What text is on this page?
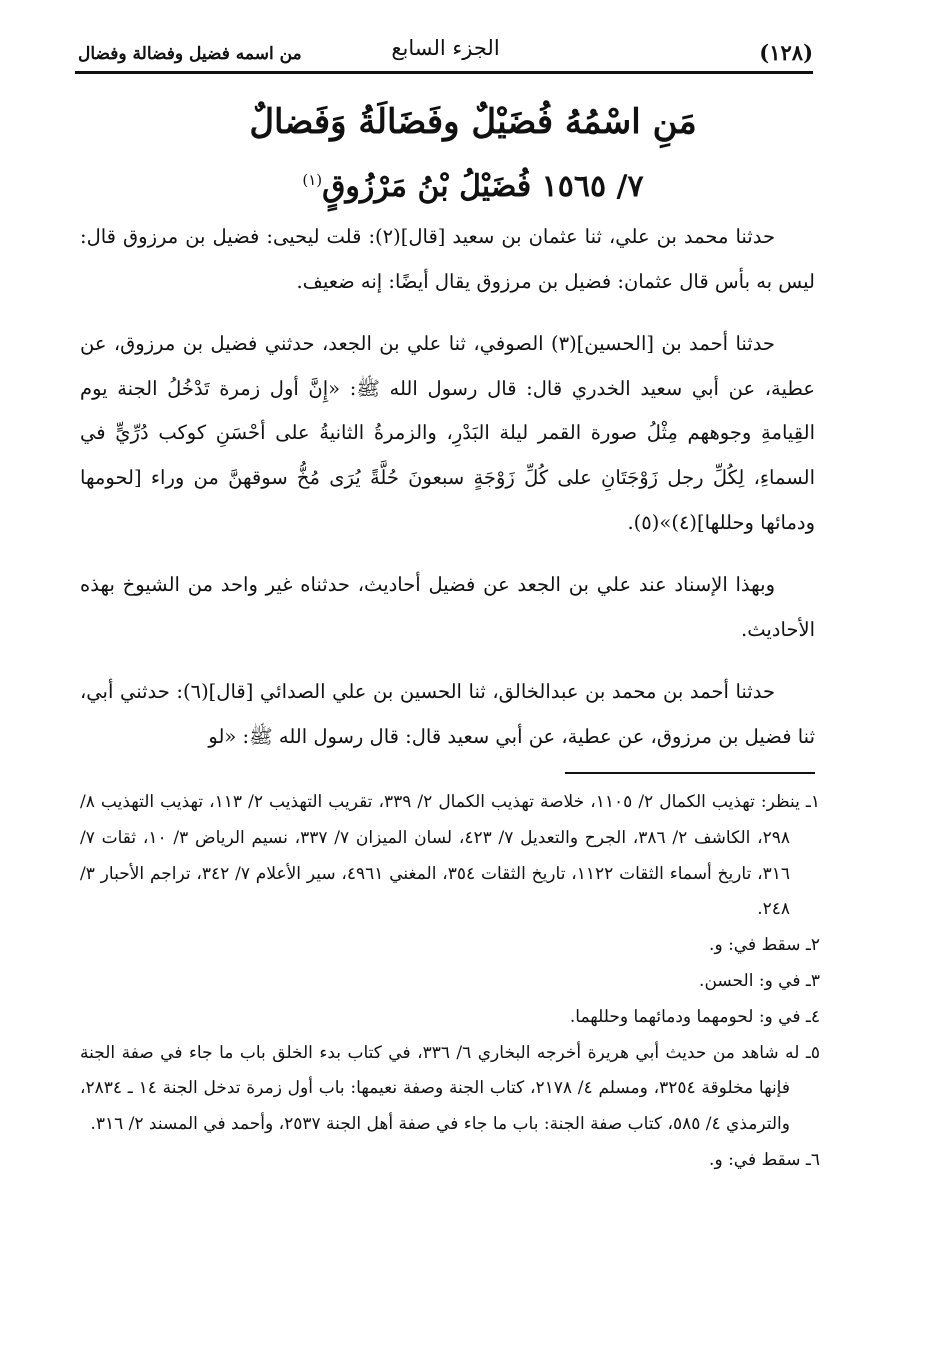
(١٢٨)
الجزء السابع
من اسمه فضيل وفضالة وفضال
مَنِ اسْمُهُ فُضَيْلٌ وفَضَالَةُ وَفَضالٌ
٧/ ١٥٦٥ فُضَيْلُ بْنُ مَرْزُوقٍ$^{(١)}$

حدثنا محمد بن علي، ثنا عثمان بن سعيد [قال](٢): قلت ليحيى: فضيل بن مرزوق قال: ليس به بأس قال عثمان: فضيل بن مرزوق يقال أيضًا: إنه ضعيف.

حدثنا أحمد بن [الحسين](٣) الصوفي، ثنا علي بن الجعد، حدثني فضيل بن مرزوق، عن عطية، عن أبي سعيد الخدري قال: قال رسول الله ﷺ: «إِنَّ أول زمرة تَدْخُلُ الجنة يوم القِيامةِ وجوههم مِثْلُ صورة القمر ليلة البَدْرِ، والزمرةُ الثانيةُ على أحْسَنِ كوكب دُرِّيٍّ في السماءِ، لِكُلِّ رجل زَوْجَتَانِ على كُلِّ زَوْجَةٍ سبعونَ حُلَّةً يُرَى مُخُّ سوقهنَّ من وراء [لحومها ودمائها وحللها](٤)»(٥).

وبهذا الإسناد عند علي بن الجعد عن فضيل أحاديث، حدثناه غير واحد من الشيوخ بهذه الأحاديث.

حدثنا أحمد بن محمد بن عبدالخالق، ثنا الحسين بن علي الصدائي [قال](٦): حدثني أبي، ثنا فضيل بن مرزوق، عن عطية، عن أبي سعيد قال: قال رسول الله ﷺ: «لو

١ـ ينظر: تهذيب الكمال ٢/ ١١٠٥، خلاصة تهذيب الكمال ٢/ ٣٣٩، تقريب التهذيب ٢/ ١١٣، تهذيب التهذيب ٨/ ٢٩٨، الكاشف ٢/ ٣٨٦، الجرح والتعديل ٧/ ٤٢٣، لسان الميزان ٧/ ٣٣٧، نسيم الرياض ٣/ ١٠، ثقات ٧/ ٣١٦، تاريخ أسماء الثقات ١١٢٢، تاريخ الثقات ٣٥٤، المغني ٤٩٦١، سير الأعلام ٧/ ٣٤٢، تراجم الأحبار ٣/ ٢٤٨.

٢ـ سقط في: و.

٣ـ في و: الحسن.

٤ـ في و: لحومهما ودمائهما وحللهما.

٥ـ له شاهد من حديث أبي هريرة أخرجه البخاري ٦/ ٣٣٦، في كتاب بدء الخلق باب ما جاء في صفة الجنة فإنها مخلوقة ٣٢٥٤، ومسلم ٤/ ٢١٧٨، كتاب الجنة وصفة نعيمها: باب أول زمرة تدخل الجنة ١٤ ـ ٢٨٣٤، والترمذي ٤/ ٥٨٥، كتاب صفة الجنة: باب ما جاء في صفة أهل الجنة ٢٥٣٧، وأحمد في المسند ٢/ ٣١٦.

٦ـ سقط في: و.
